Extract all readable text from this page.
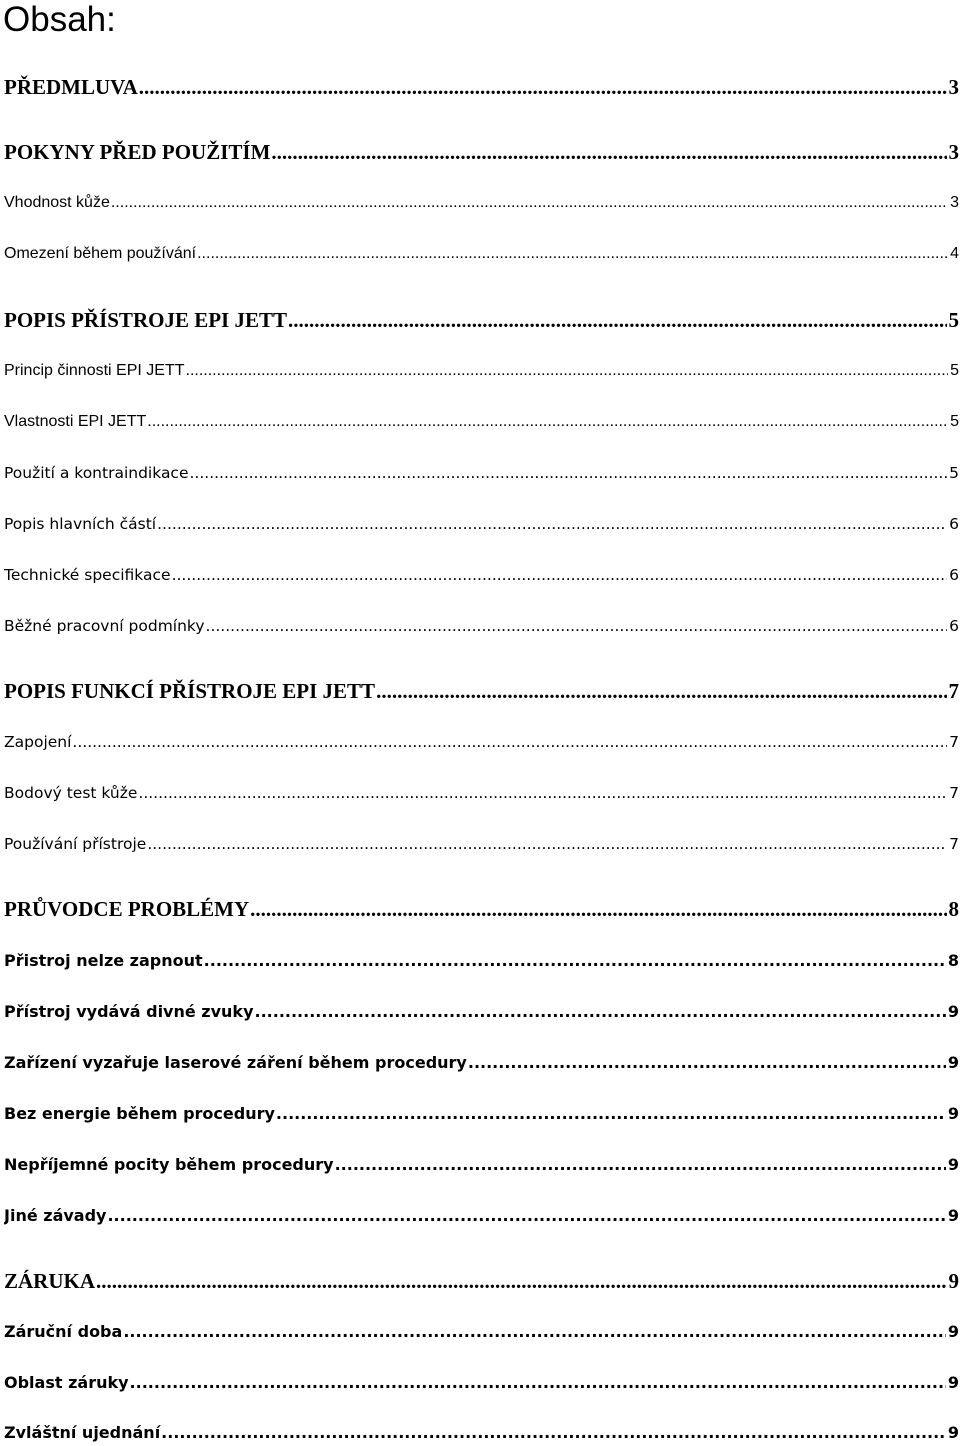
Obsah:
PŘEDMLUVA .....	3
POKYNY PŘED POUŽITÍM .....	3
Vhodnost kůže .....	3
Omezení během používání .....	4
POPIS PŘÍSTROJE EPI JETT .....	5
Princip činnosti EPI JETT .....	5
Vlastnosti EPI JETT .....	5
Použití a kontraindikace .....	5
Popis hlavních částí .....	6
Technické specifikace .....	6
Běžné pracovní podmínky .....	6
POPIS FUNKCÍ PŘÍSTROJE EPI JETT .....	7
Zapojení .....	7
Bodový test kůže .....	7
Používání přístroje .....	7
PRŮVODCE PROBLÉMY .....	8
Přistroj nelze zapnout .....	8
Přístroj vydává divné zvuky .....	9
Zařízení vyzařuje laserové záření během procedury .....	9
Bez energie během procedury .....	9
Nepříjemné pocity během procedury .....	9
Jiné závady .....	9
ZÁRUKA .....	9
Záruční doba .....	9
Oblast záruky .....	9
Zvláštní ujednání .....	9
